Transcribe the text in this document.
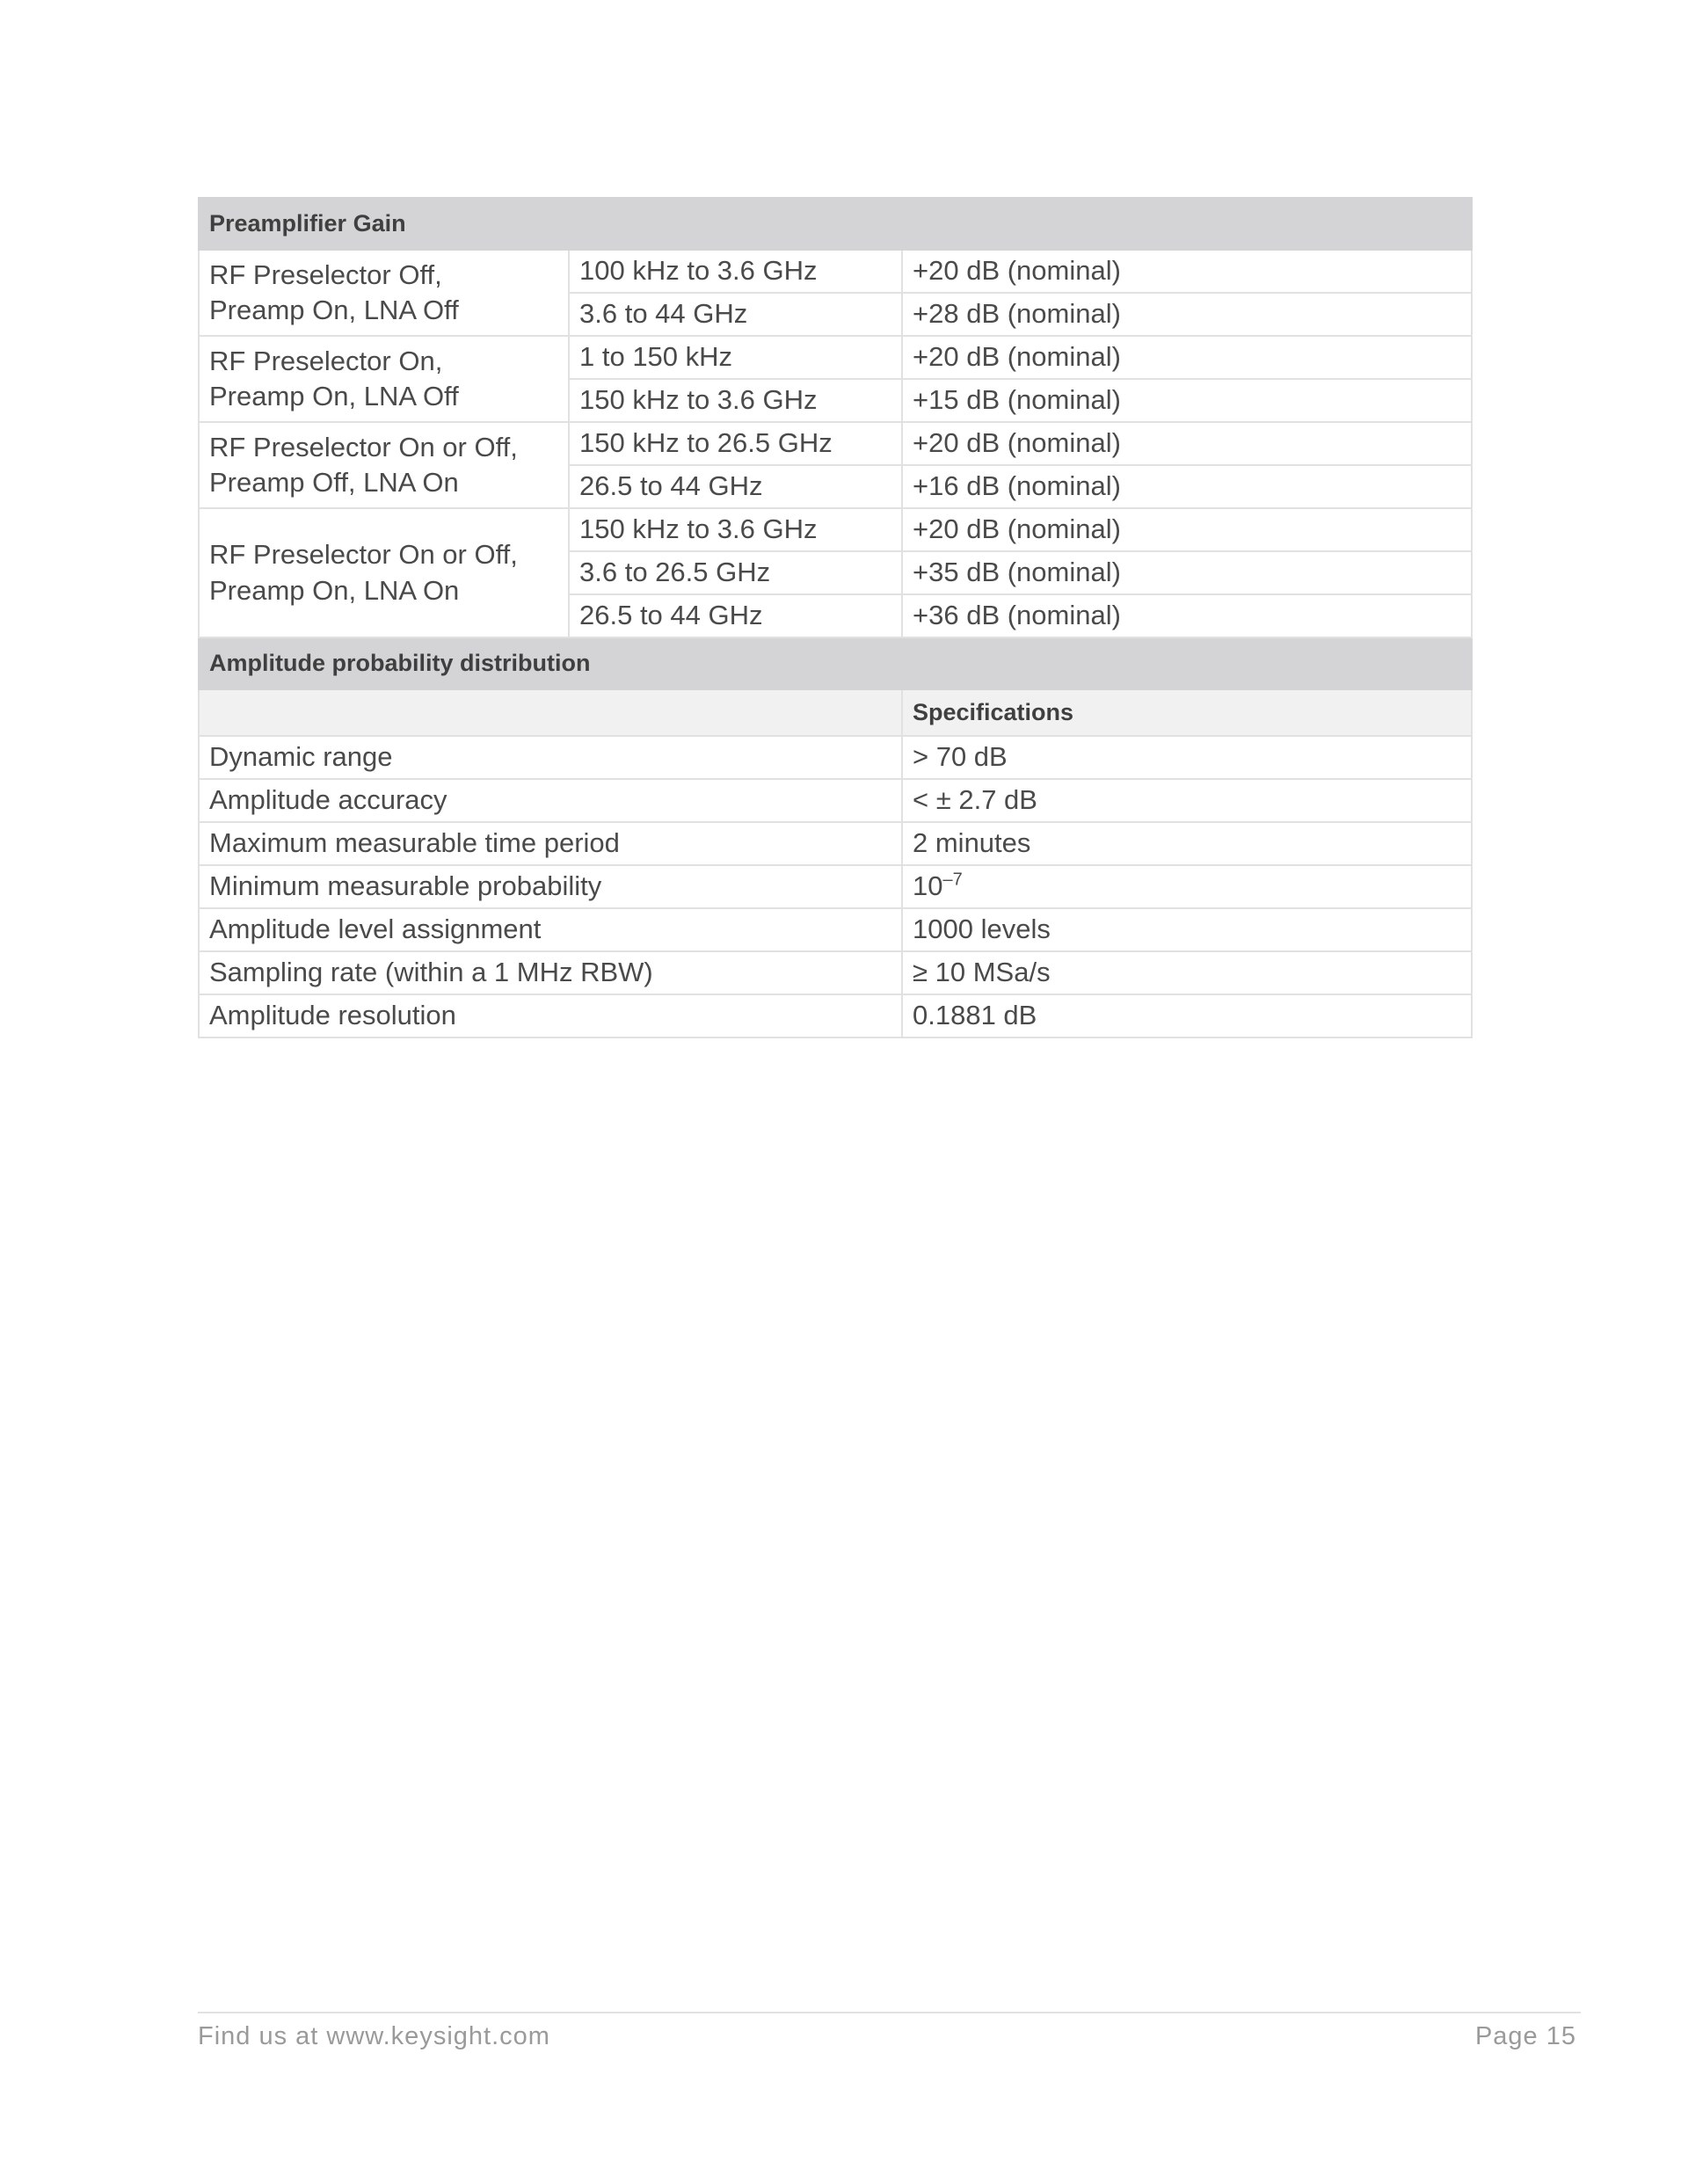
Preamplifier Gain		

RF Preselector Off,
Preamp On, LNA Off	100 kHz to 3.6 GHz	+20 dB (nominal)
	3.6 to 44 GHz	+28 dB (nominal)

RF Preselector On,
Preamp On, LNA Off	1 to 150 kHz	+20 dB (nominal)
	150 kHz to 3.6 GHz	+15 dB (nominal)

RF Preselector On or Off,
Preamp Off, LNA On	150 kHz to 26.5 GHz	+20 dB (nominal)
	26.5 to 44 GHz	+16 dB (nominal)

RF Preselector On or Off,
Preamp On, LNA On	150 kHz to 3.6 GHz	+20 dB (nominal)
	3.6 to 26.5 GHz	+35 dB (nominal)
	26.5 to 44 GHz	+36 dB (nominal)
Amplitude probability distribution		
		Specifications
Dynamic range		> 70 dB
Amplitude accuracy		< ± 2.7 dB
Maximum measurable time period		2 minutes
Minimum measurable probability		$10^{-7}$
Amplitude level assignment		1000 levels
Sampling rate (within a 1 MHz RBW)		≥ 10 MSa/s
Amplitude resolution		0.1881 dB
Find us at www.keysight.com	Page 15
